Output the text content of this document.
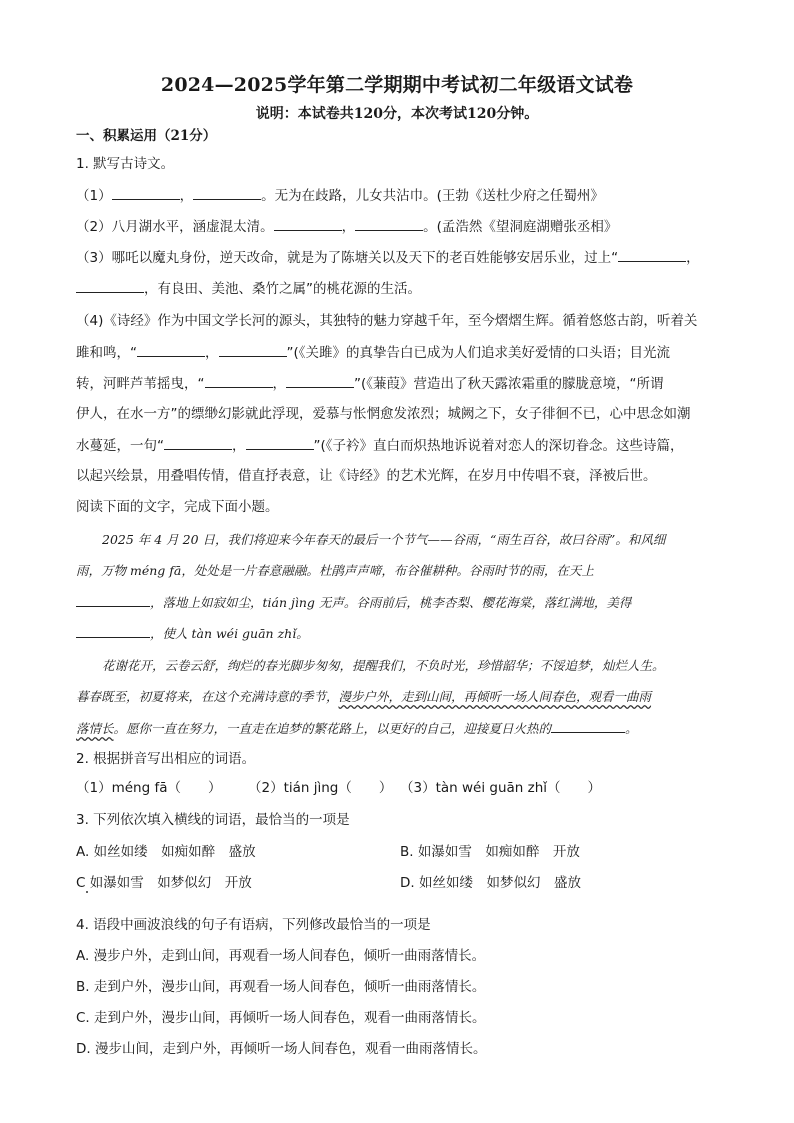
2024—2025学年第二学期期中考试初二年级语文试卷
说明：本试卷共120分，本次考试120分钟。
一、积累运用（21分）
1. 默写古诗文。
（1）	，	。无为在歧路，儿女共沾巾。(王勃《送杜少府之任蜀州》
（2）八月湖水平，涵虚混太清。	，	。(孟浩然《望洞庭湖赠张丞相》
（3）哪吒以魔丸身份，逆天改命，就是为了陈塘关以及天下的老百姓能够安居乐业，过上“	，
，有良田、美池、桑竹之属”的桃花源的生活。
（4)《诗经》作为中国文学长河的源头，其独特的魅力穿越千年，至今熠熠生辉。循着悠悠古韵，听着关
雎和鸣，“	，	”(《关雎》的真挚告白已成为人们追求美好爱情的口头语；目光流
转，河畔芦苇摇曳，“	，	”(《蒹葭》营造出了秋天露浓霜重的朦胧意境，“所谓
伊人，在水一方”的缥缈幻影就此浮现，爱慕与怅惘愈发浓烈；城阙之下，女子徘徊不已，心中思念如潮
水蔓延，一句“	，	”(《子衿》直白而炽热地诉说着对恋人的深切眷念。这些诗篇，
以起兴绘景，用叠唱传情，借直抒表意，让《诗经》的艺术光辉，在岁月中传唱不衰，泽被后世。
阅读下面的文字，完成下面小题。
2025 年 4 月 20 日，我们将迎来今年春天的最后一个节气——谷雨，“雨生百谷，故曰谷雨”。和风细
雨，万物 méng fā，处处是一片春意融融。杜鹃声声啼，布谷催耕种。谷雨时节的雨，在天上
，落地上如寂如尘，tián jìng 无声。谷雨前后，桃李杏梨、樱花海棠，落红满地，美得
，使人 tàn wéi guān zhǐ。
花谢花开，云卷云舒，绚烂的春光脚步匆匆，提醒我们，不负时光，珍惜韶华；不馁追梦，灿烂人生。
暮春既至，初夏将来，在这个充满诗意的季节，漫步户外，走到山间，再倾听一场人间春色，观看一曲雨
落情长。愿你一直在努力，一直走在追梦的繁花路上，以更好的自己，迎接夏日火热的	。
2. 根据拼音写出相应的词语。
（1）méng fā（　　） （2）tián jìng（　　） （3）tàn wéi guān zhǐ（　　）
3. 下列依次填入横线的词语，最恰当的一项是
A. 如丝如缕　如痴如醉　盛放	B. 如瀑如雪　如痴如醉　开放
C 如瀑如雪　如梦似幻　开放	D. 如丝如缕　如梦似幻　盛放
4. 语段中画波浪线的句子有语病，下列修改最恰当的一项是
A. 漫步户外，走到山间，再观看一场人间春色，倾听一曲雨落情长。
B. 走到户外，漫步山间，再观看一场人间春色，倾听一曲雨落情长。
C. 走到户外，漫步山间，再倾听一场人间春色，观看一曲雨落情长。
D. 漫步山间，走到户外，再倾听一场人间春色，观看一曲雨落情长。
